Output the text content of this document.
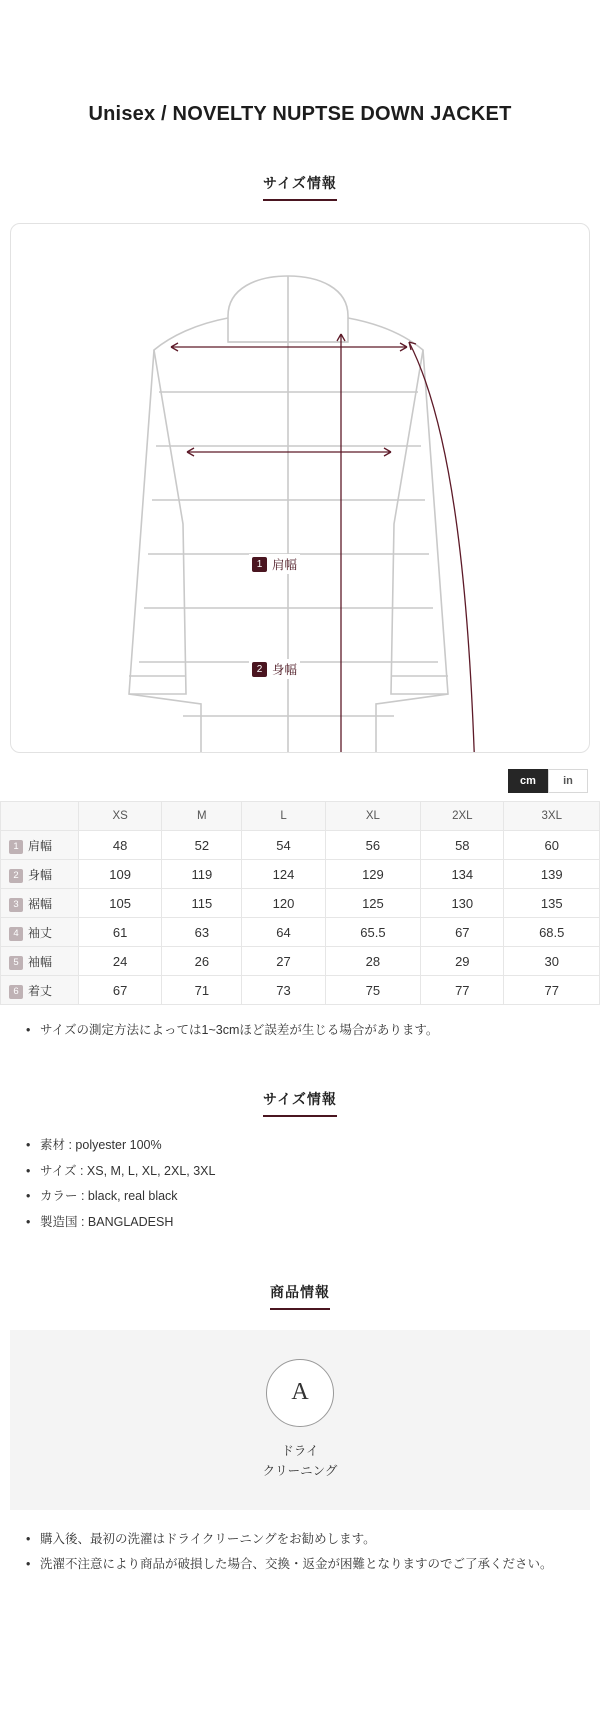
Unisex / NOVELTY NUPTSE DOWN JACKET
サイズ情報
1 肩幅
2 身幅
cm	in
	XS	M	L	XL	2XL	3XL
1 肩幅	48	52	54	56	58	60
2 身幅	109	119	124	129	134	139
3 裾幅	105	115	120	125	130	135
4 袖丈	61	63	64	65.5	67	68.5
5 袖幅	24	26	27	28	29	30
6 着丈	67	71	73	75	77	77
• サイズの測定方法によっては1~3cmほど誤差が生じる場合があります。
サイズ情報
• 素材 : polyester 100%
• サイズ : XS, M, L, XL, 2XL, 3XL
• カラー : black, real black
• 製造国 : BANGLADESH
商品情報
A
ドライ
クリーニング
• 購入後、最初の洗濯はドライクリーニングをお勧めします。
• 洗濯不注意により商品が破損した場合、交換・返金が困難となりますのでご了承ください。
